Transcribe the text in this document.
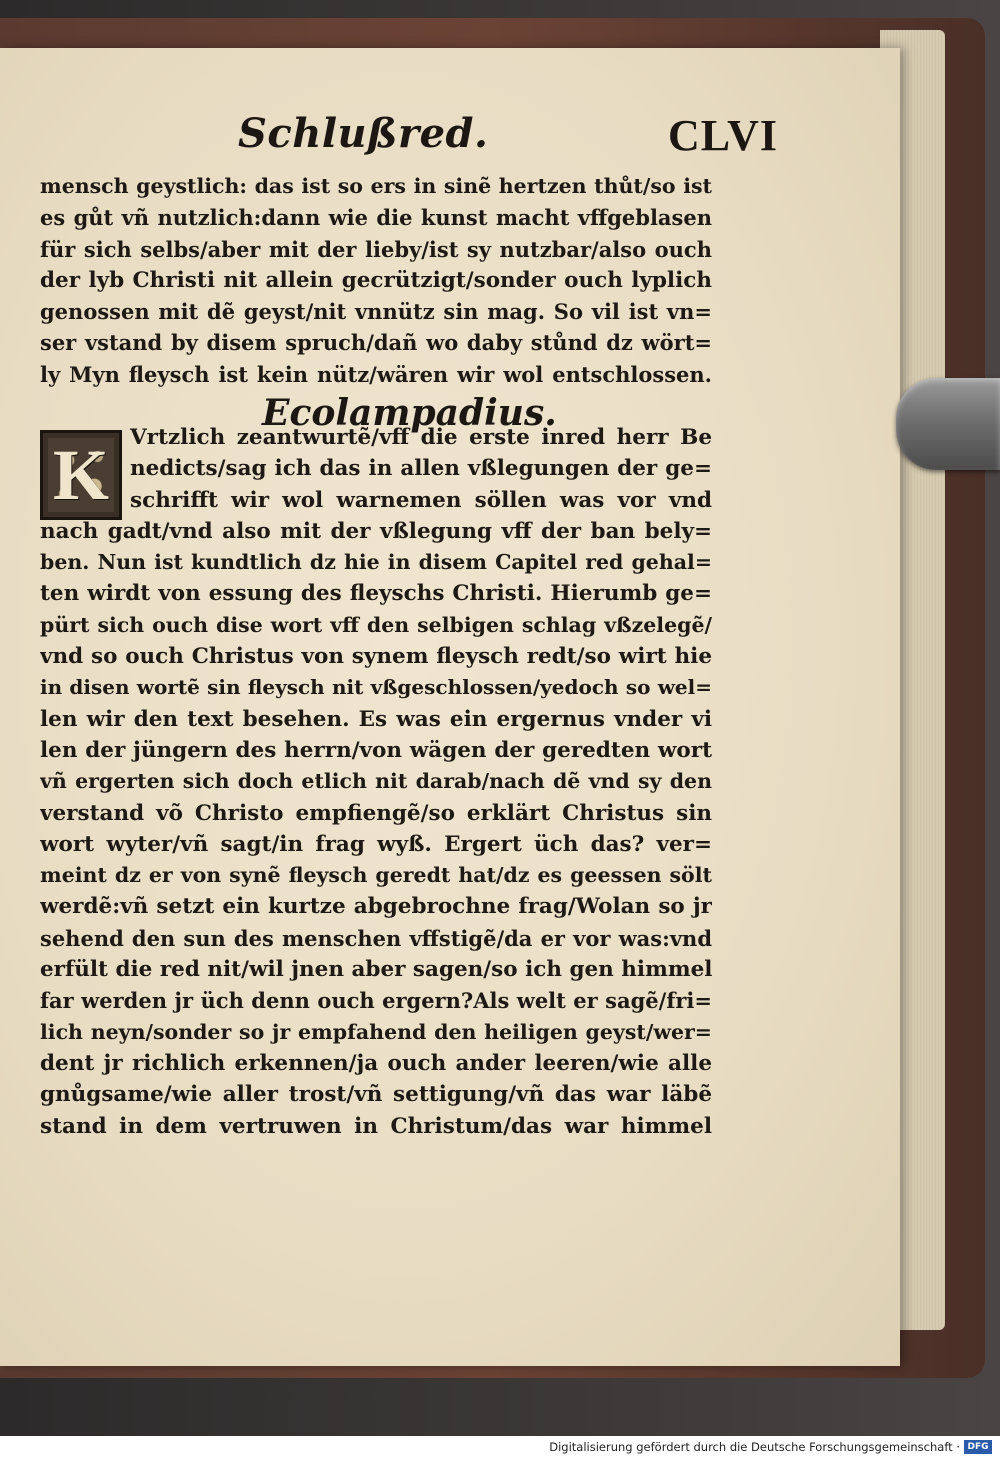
Schlußred.	CLVI
mensch geystlich: das ist so ers in sinẽ hertzen thůt/so ist
es gůt vñ nutzlich:dann wie die kunst macht vffgeblasen
für sich selbs/aber mit der lieby/ist sy nutzbar/also ouch
der lyb Christi nit allein gecrützigt/sonder ouch lyplich
genossen mit dẽ geyst/nit vnnütz sin mag. So vil ist vn=
ser vstand by disem spruch/dañ wo daby stůnd dz wört=
ly Myn fleysch ist kein nütz/wären wir wol entschlossen.
Ecolampadius.
K Vrtzlich zeantwurtẽ/vff die erste inred herr Be
nedicts/sag ich das in allen vßlegungen der ge=
schrifft wir wol warnemen söllen was vor vnd
nach gadt/vnd also mit der vßlegung vff der ban bely=
ben. Nun ist kundtlich dz hie in disem Capitel red gehal=
ten wirdt von essung des fleyschs Christi. Hierumb ge=
pürt sich ouch dise wort vff den selbigen schlag vßzelegẽ/
vnd so ouch Christus von synem fleysch redt/so wirt hie
in disen wortẽ sin fleysch nit vßgeschlossen/yedoch so wel=
len wir den text besehen. Es was ein ergernus vnder vi
len der jüngern des herrn/von wägen der geredten wort
vñ ergerten sich doch etlich nit darab/nach dẽ vnd sy den
verstand võ Christo empfiengẽ/so erklärt Christus sin
wort wyter/vñ sagt/in frag wyß. Ergert üch das? ver=
meint dz er von synẽ fleysch geredt hat/dz es geessen sölt
werdẽ:vñ setzt ein kurtze abgebrochne frag/Wolan so jr
sehend den sun des menschen vffstigẽ/da er vor was:vnd
erfült die red nit/wil jnen aber sagen/so ich gen himmel
far werden jr üch denn ouch ergern?Als welt er sagẽ/fri=
lich neyn/sonder so jr empfahend den heiligen geyst/wer=
dent jr richlich erkennen/ja ouch ander leeren/wie alle
gnůgsame/wie aller trost/vñ settigung/vñ das war läbẽ
stand in dem vertruwen in Christum/das war himmel
Digitalisierung gefördert durch die Deutsche Forschungsgemeinschaft · DFG
